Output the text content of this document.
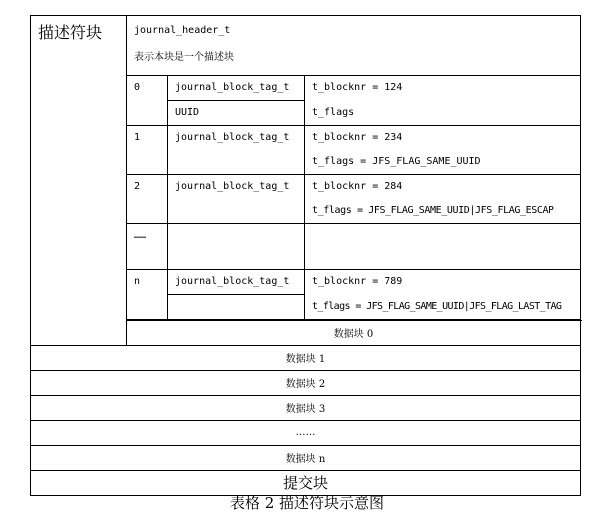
描述符块	journal_header_t
表示本块是一个描述块		

	0	journal_block_tag_t	t_blocknr = 124
		UUID	t_flags
	1	journal_block_tag_t	t_blocknr = 234
			t_flags = JFS_FLAG_SAME_UUID
	2	journal_block_tag_t	t_blocknr = 284
			t_flags = JFS_FLAG_SAME_UUID|JFS_FLAG_ESCAP
	……		
	n	journal_block_tag_t	t_blocknr = 789
			t_flags = JFS_FLAG_SAME_UUID|JFS_FLAG_LAST_TAG

	数据块 0		
数据块 1			
数据块 2			
数据块 3			
……			
数据块 n			
提交块			
表格 2 描述符块示意图
